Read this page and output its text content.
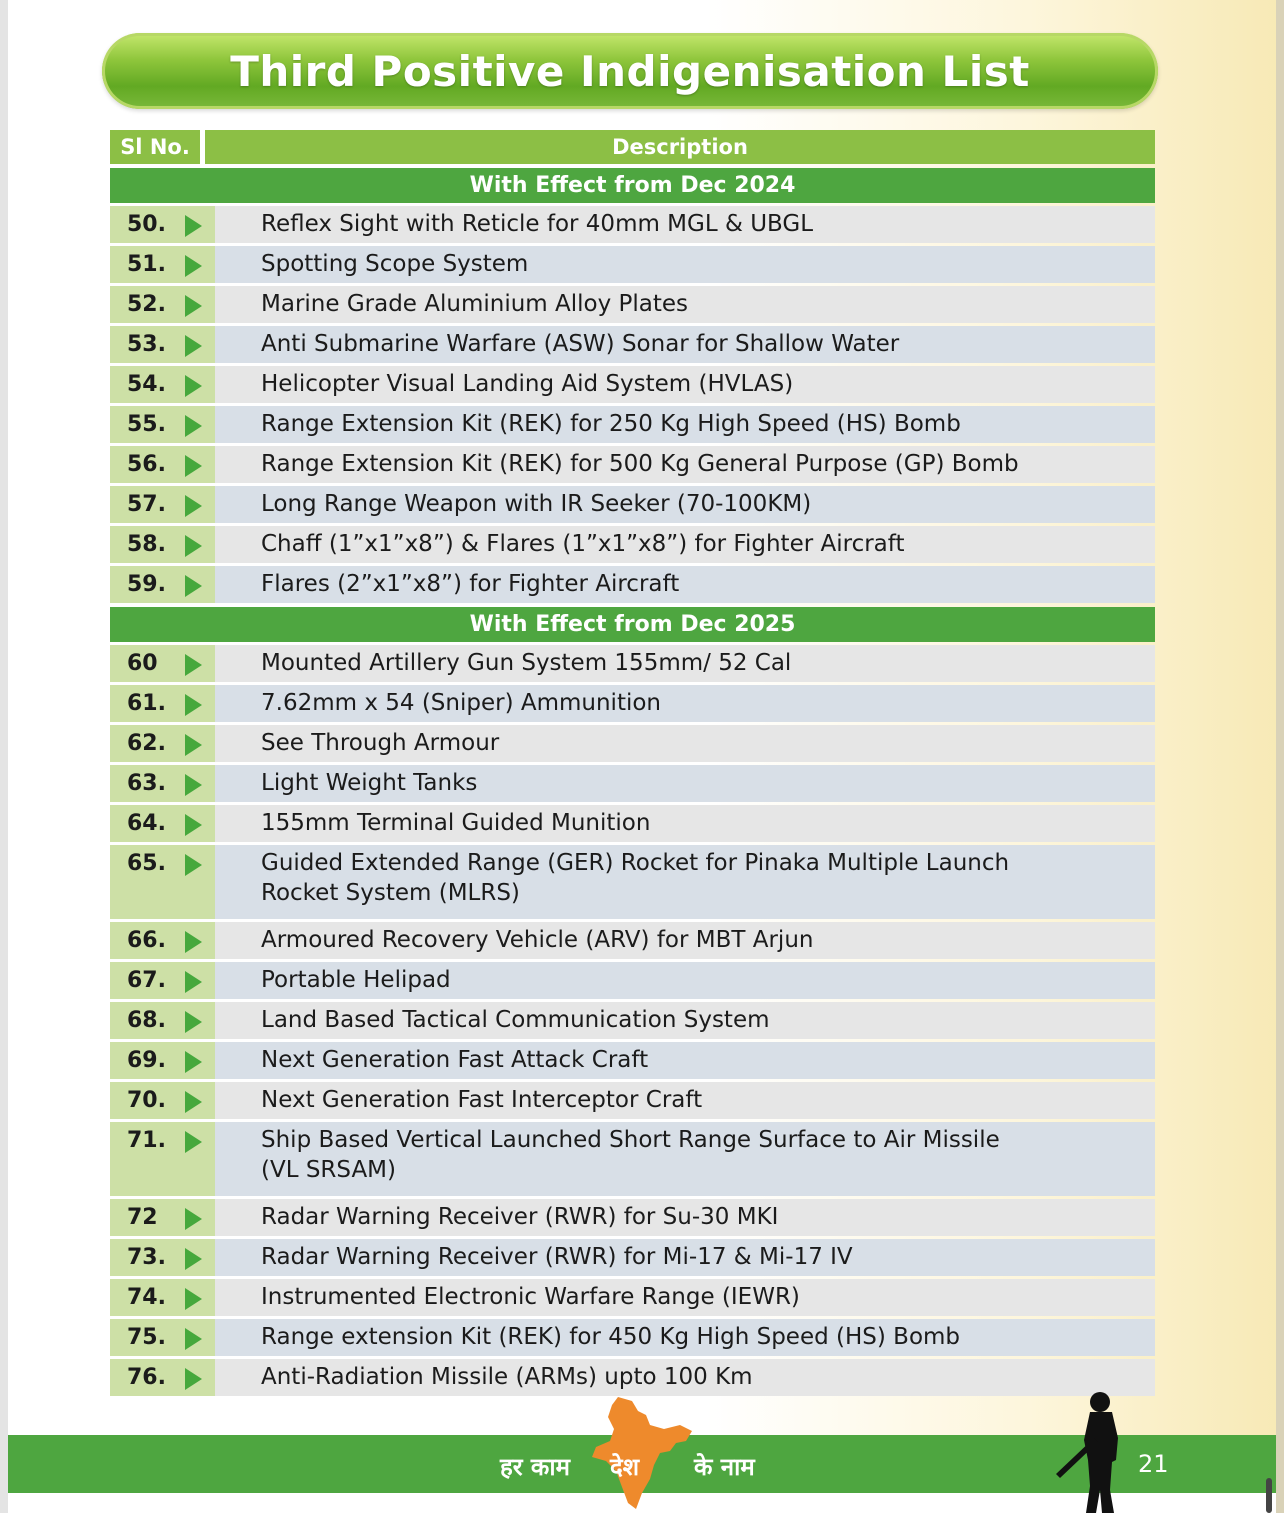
Third Positive Indigenisation List
Sl No.	Description
With Effect from Dec 2024
50.	Reflex Sight with Reticle for 40mm MGL & UBGL
51.	Spotting Scope System
52.	Marine Grade Aluminium Alloy Plates
53.	Anti Submarine Warfare (ASW) Sonar for Shallow Water
54.	Helicopter Visual Landing Aid System (HVLAS)
55.	Range Extension Kit (REK) for 250 Kg High Speed (HS) Bomb
56.	Range Extension Kit (REK) for 500 Kg General Purpose (GP) Bomb
57.	Long Range Weapon with IR Seeker (70-100KM)
58.	Chaff (1”x1”x8”) & Flares (1”x1”x8”) for Fighter Aircraft
59.	Flares (2”x1”x8”) for Fighter Aircraft
With Effect from Dec 2025
60	Mounted Artillery Gun System 155mm/ 52 Cal
61.	7.62mm x 54 (Sniper) Ammunition
62.	See Through Armour
63.	Light Weight Tanks
64.	155mm Terminal Guided Munition
65.	Guided Extended Range (GER) Rocket for Pinaka Multiple Launch
Rocket System (MLRS)
66.	Armoured Recovery Vehicle (ARV) for MBT Arjun
67.	Portable Helipad
68.	Land Based Tactical Communication System
69.	Next Generation Fast Attack Craft
70.	Next Generation Fast Interceptor Craft
71.	Ship Based Vertical Launched Short Range Surface to Air Missile
(VL SRSAM)
72	Radar Warning Receiver (RWR) for Su-30 MKI
73.	Radar Warning Receiver (RWR) for Mi-17 & Mi-17 IV
74.	Instrumented Electronic Warfare Range (IEWR)
75.	Range extension Kit (REK) for 450 Kg High Speed (HS) Bomb
76.	Anti-Radiation Missile (ARMs) upto 100 Km
हर काम देश के नाम	21
